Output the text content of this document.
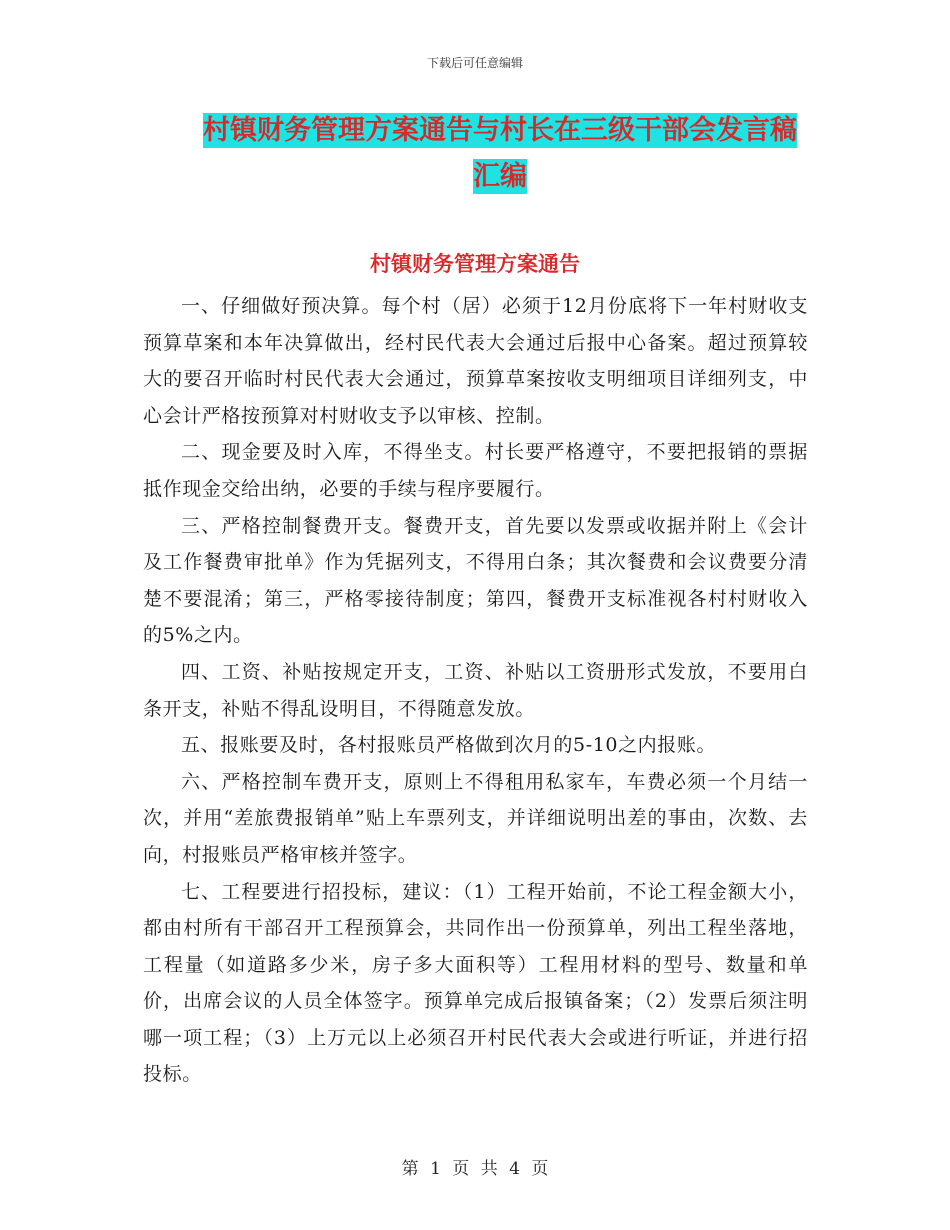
下载后可任意编辑
村镇财务管理方案通告与村长在三级干部会发言稿汇编
村镇财务管理方案通告

一、仔细做好预决算。每个村（居）必须于12月份底将下一年村财收支预算草案和本年决算做出，经村民代表大会通过后报中心备案。超过预算较大的要召开临时村民代表大会通过，预算草案按收支明细项目详细列支，中心会计严格按预算对村财收支予以审核、控制。

二、现金要及时入库，不得坐支。村长要严格遵守，不要把报销的票据抵作现金交给出纳，必要的手续与程序要履行。

三、严格控制餐费开支。餐费开支，首先要以发票或收据并附上《会计及工作餐费审批单》作为凭据列支，不得用白条；其次餐费和会议费要分清楚不要混淆；第三，严格零接待制度；第四，餐费开支标准视各村村财收入的5%之内。

四、工资、补贴按规定开支，工资、补贴以工资册形式发放，不要用白条开支，补贴不得乱设明目，不得随意发放。

五、报账要及时，各村报账员严格做到次月的5-10之内报账。

六、严格控制车费开支，原则上不得租用私家车，车费必须一个月结一次，并用“差旅费报销单”贴上车票列支，并详细说明出差的事由，次数、去向，村报账员严格审核并签字。

七、工程要进行招投标，建议：（1）工程开始前，不论工程金额大小，都由村所有干部召开工程预算会，共同作出一份预算单，列出工程坐落地，工程量（如道路多少米，房子多大面积等）工程用材料的型号、数量和单价，出席会议的人员全体签字。预算单完成后报镇备案；（2）发票后须注明哪一项工程；（3）上万元以上必须召开村民代表大会或进行听证，并进行招投标。

第 1 页 共 4 页
